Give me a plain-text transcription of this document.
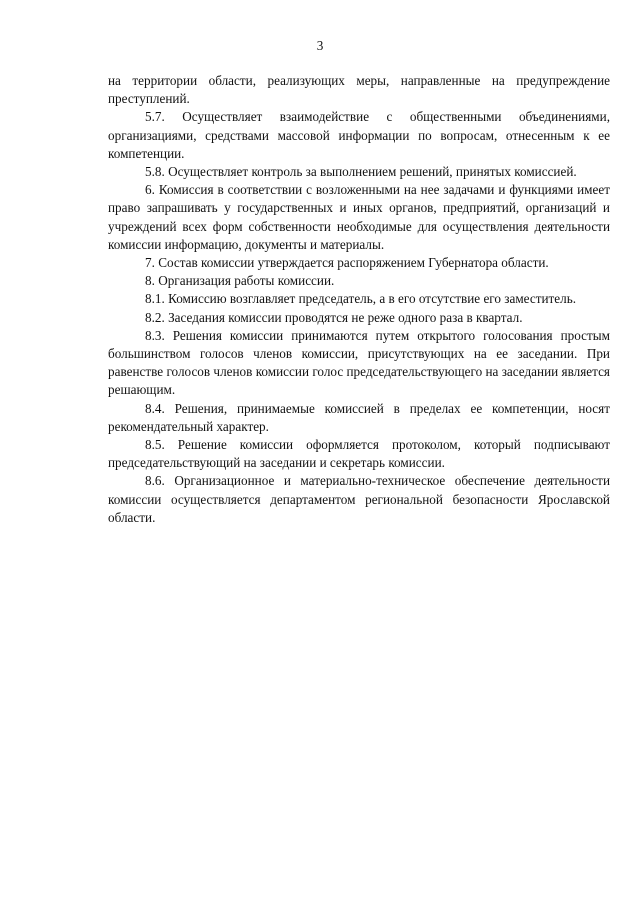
3

на территории области, реализующих меры, направленные на предупреждение преступлений.

5.7. Осуществляет взаимодействие с общественными объединениями, организациями, средствами массовой информации по вопросам, отнесенным к ее компетенции.

5.8. Осуществляет контроль за выполнением решений, принятых комиссией.

6. Комиссия в соответствии с возложенными на нее задачами и функциями имеет право запрашивать у государственных и иных органов, предприятий, организаций и учреждений всех форм собственности необходимые для осуществления деятельности комиссии информацию, документы и материалы.

7. Состав комиссии утверждается распоряжением Губернатора области.

8. Организация работы комиссии.

8.1. Комиссию возглавляет председатель, а в его отсутствие его заместитель.

8.2. Заседания комиссии проводятся не реже одного раза в квартал.

8.3. Решения комиссии принимаются путем открытого голосования простым большинством голосов членов комиссии, присутствующих на ее заседании. При равенстве голосов членов комиссии голос председательствующего на заседании является решающим.

8.4. Решения, принимаемые комиссией в пределах ее компетенции, носят рекомендательный характер.

8.5. Решение комиссии оформляется протоколом, который подписывают председательствующий на заседании и секретарь комиссии.

8.6. Организационное и материально-техническое обеспечение деятельности комиссии осуществляется департаментом региональной безопасности Ярославской области.
